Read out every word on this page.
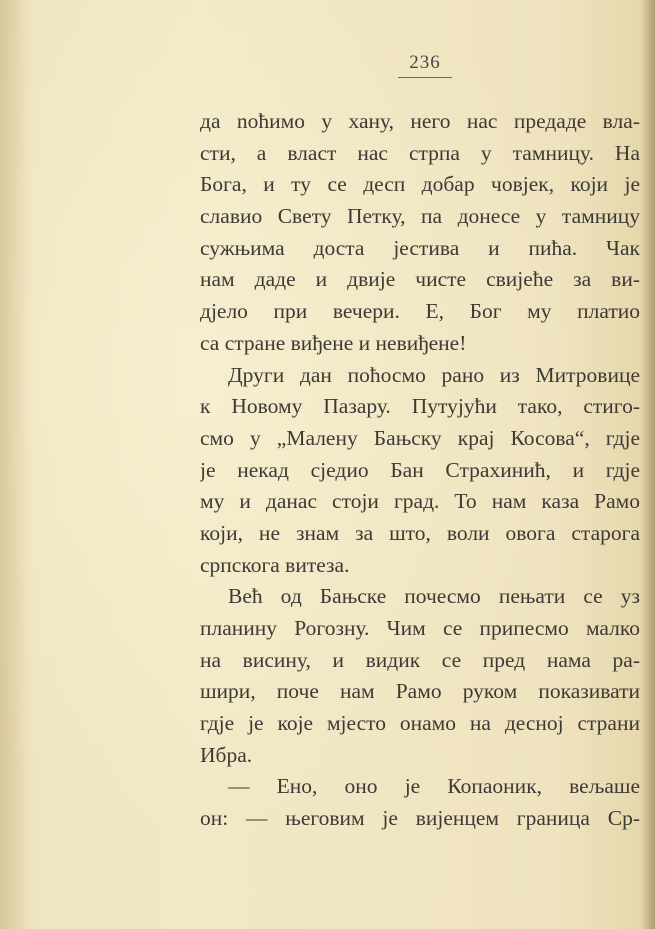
236
да noћимо у хану, него нас предаде вла-
сти, а власт нас стрпа у тамницу. На
Бога, и ту се десп добар човјек, који је
славио Свету Петку, па донесе у тамницу
сужњима доста јестива и пића. Чак
нам даде и двије чисте свијеће за ви-
дјело при вечери. Е, Бог му платио
са стране виђене и невиђене!
Други дан поћосмо рано из Митровице
к Новому Пазару. Путујући тако, стиго-
смо у „Малену Бањску крај Косова“, гдје
је некад сједио Бан Страхинић, и гдје
му и данас стоји град. То нам каза Рамо
који, не знам за што, воли овога старога
српскога витеза.
Већ од Бањске почесмо пењати се уз
планину Рогозну. Чим се припесмо малко
на висину, и видик се пред нама ра-
шири, поче нам Рамо руком показивати
гдје је које мјесто онамо на десној страни
Ибра.
— Ено, оно је Копаоник, вељаше
он: — његовим је вијенцем граница Ср-
